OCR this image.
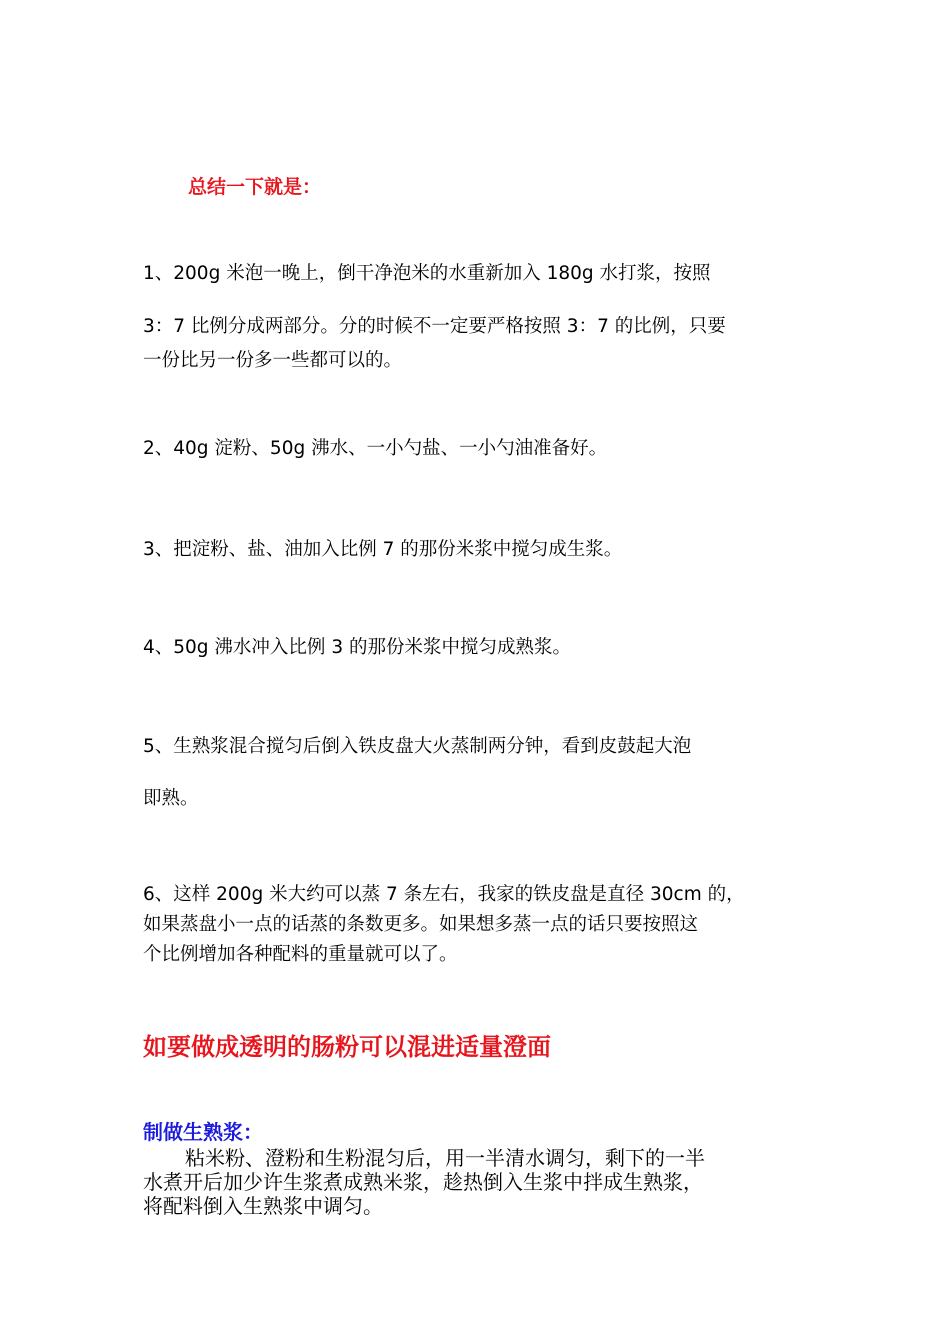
总结一下就是：

1、200g 米泡一晚上，倒干净泡米的水重新加入 180g 水打浆，按照
3：7 比例分成两部分。分的时候不一定要严格按照 3：7 的比例，只要
一份比另一份多一些都可以的。

2、40g 淀粉、50g 沸水、一小勺盐、一小勺油准备好。

3、把淀粉、盐、油加入比例 7 的那份米浆中搅匀成生浆。

4、50g 沸水冲入比例 3 的那份米浆中搅匀成熟浆。

5、生熟浆混合搅匀后倒入铁皮盘大火蒸制两分钟，看到皮鼓起大泡
即熟。

6、这样 200g 米大约可以蒸 7 条左右，我家的铁皮盘是直径 30cm 的，
如果蒸盘小一点的话蒸的条数更多。如果想多蒸一点的话只要按照这
个比例增加各种配料的重量就可以了。

如要做成透明的肠粉可以混进适量澄面

制做生熟浆：

粘米粉、澄粉和生粉混匀后，用一半清水调匀，剩下的一半
水煮开后加少许生浆煮成熟米浆，趁热倒入生浆中拌成生熟浆，
将配料倒入生熟浆中调匀。
